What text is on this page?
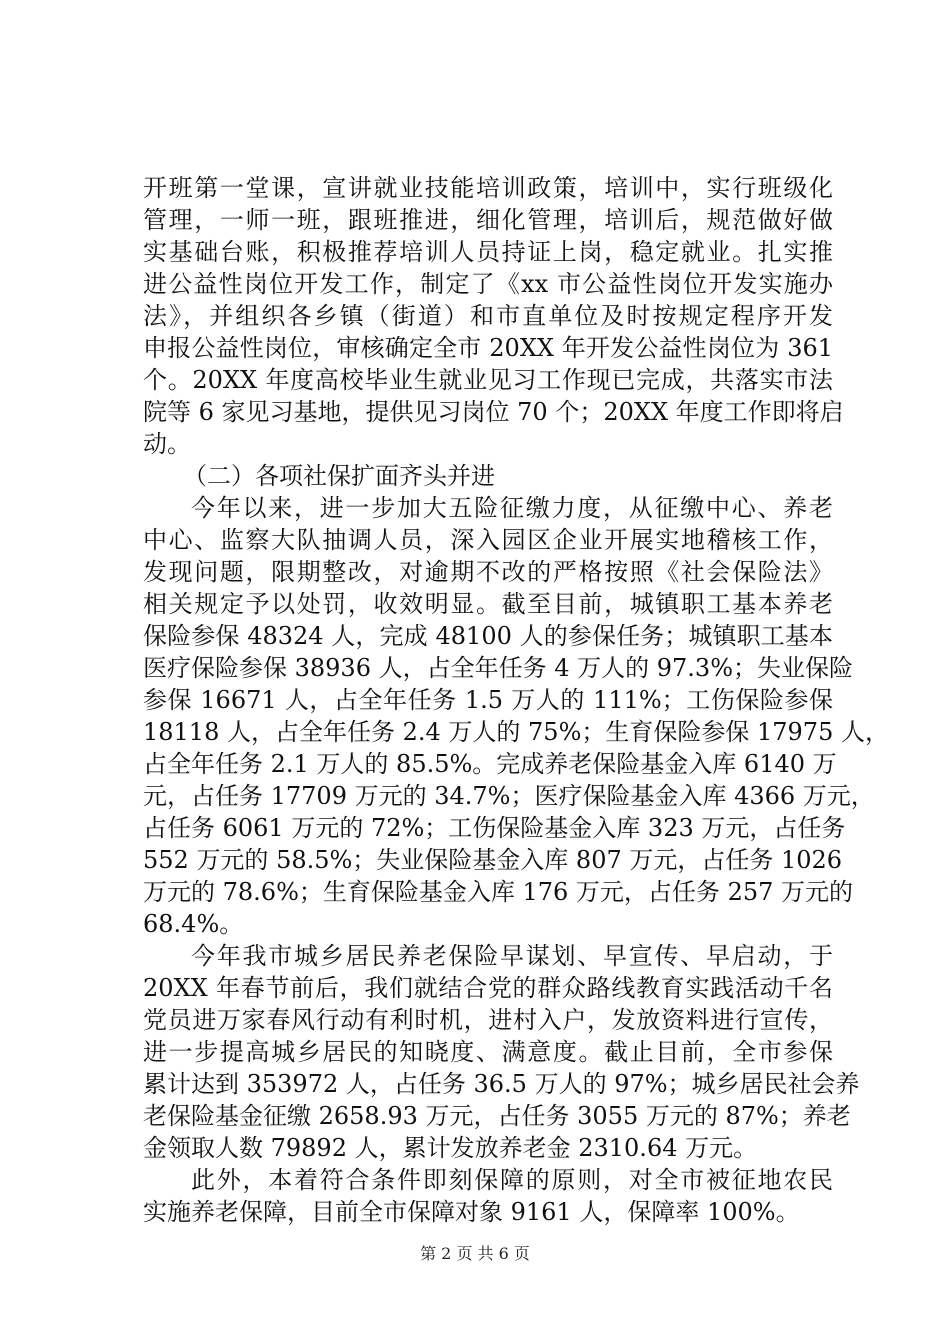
开班第一堂课，宣讲就业技能培训政策，培训中，实行班级化
管理，一师一班，跟班推进，细化管理，培训后，规范做好做
实基础台账，积极推荐培训人员持证上岗，稳定就业。扎实推
进公益性岗位开发工作，制定了《xx 市公益性岗位开发实施办
法》，并组织各乡镇（街道）和市直单位及时按规定程序开发
申报公益性岗位，审核确定全市 20XX 年开发公益性岗位为 361
个。20XX 年度高校毕业生就业见习工作现已完成，共落实市法
院等 6 家见习基地，提供见习岗位 70 个；20XX 年度工作即将启
动。
（二）各项社保扩面齐头并进
今年以来，进一步加大五险征缴力度，从征缴中心、养老
中心、监察大队抽调人员，深入园区企业开展实地稽核工作，
发现问题，限期整改，对逾期不改的严格按照《社会保险法》
相关规定予以处罚，收效明显。截至目前，城镇职工基本养老
保险参保 48324 人，完成 48100 人的参保任务；城镇职工基本
医疗保险参保 38936 人，占全年任务 4 万人的 97.3%；失业保险
参保 16671 人，占全年任务 1.5 万人的 111%；工伤保险参保
18118 人，占全年任务 2.4 万人的 75%；生育保险参保 17975 人，
占全年任务 2.1 万人的 85.5%。完成养老保险基金入库 6140 万
元，占任务 17709 万元的 34.7%；医疗保险基金入库 4366 万元，
占任务 6061 万元的 72%；工伤保险基金入库 323 万元，占任务
552 万元的 58.5%；失业保险基金入库 807 万元，占任务 1026
万元的 78.6%；生育保险基金入库 176 万元，占任务 257 万元的
68.4%。
今年我市城乡居民养老保险早谋划、早宣传、早启动，于
20XX 年春节前后，我们就结合党的群众路线教育实践活动千名
党员进万家春风行动有利时机，进村入户，发放资料进行宣传，
进一步提高城乡居民的知晓度、满意度。截止目前，全市参保
累计达到 353972 人，占任务 36.5 万人的 97%；城乡居民社会养
老保险基金征缴 2658.93 万元，占任务 3055 万元的 87%；养老
金领取人数 79892 人，累计发放养老金 2310.64 万元。
此外，本着符合条件即刻保障的原则，对全市被征地农民
实施养老保障，目前全市保障对象 9161 人，保障率 100%。
第 2 页 共 6 页
